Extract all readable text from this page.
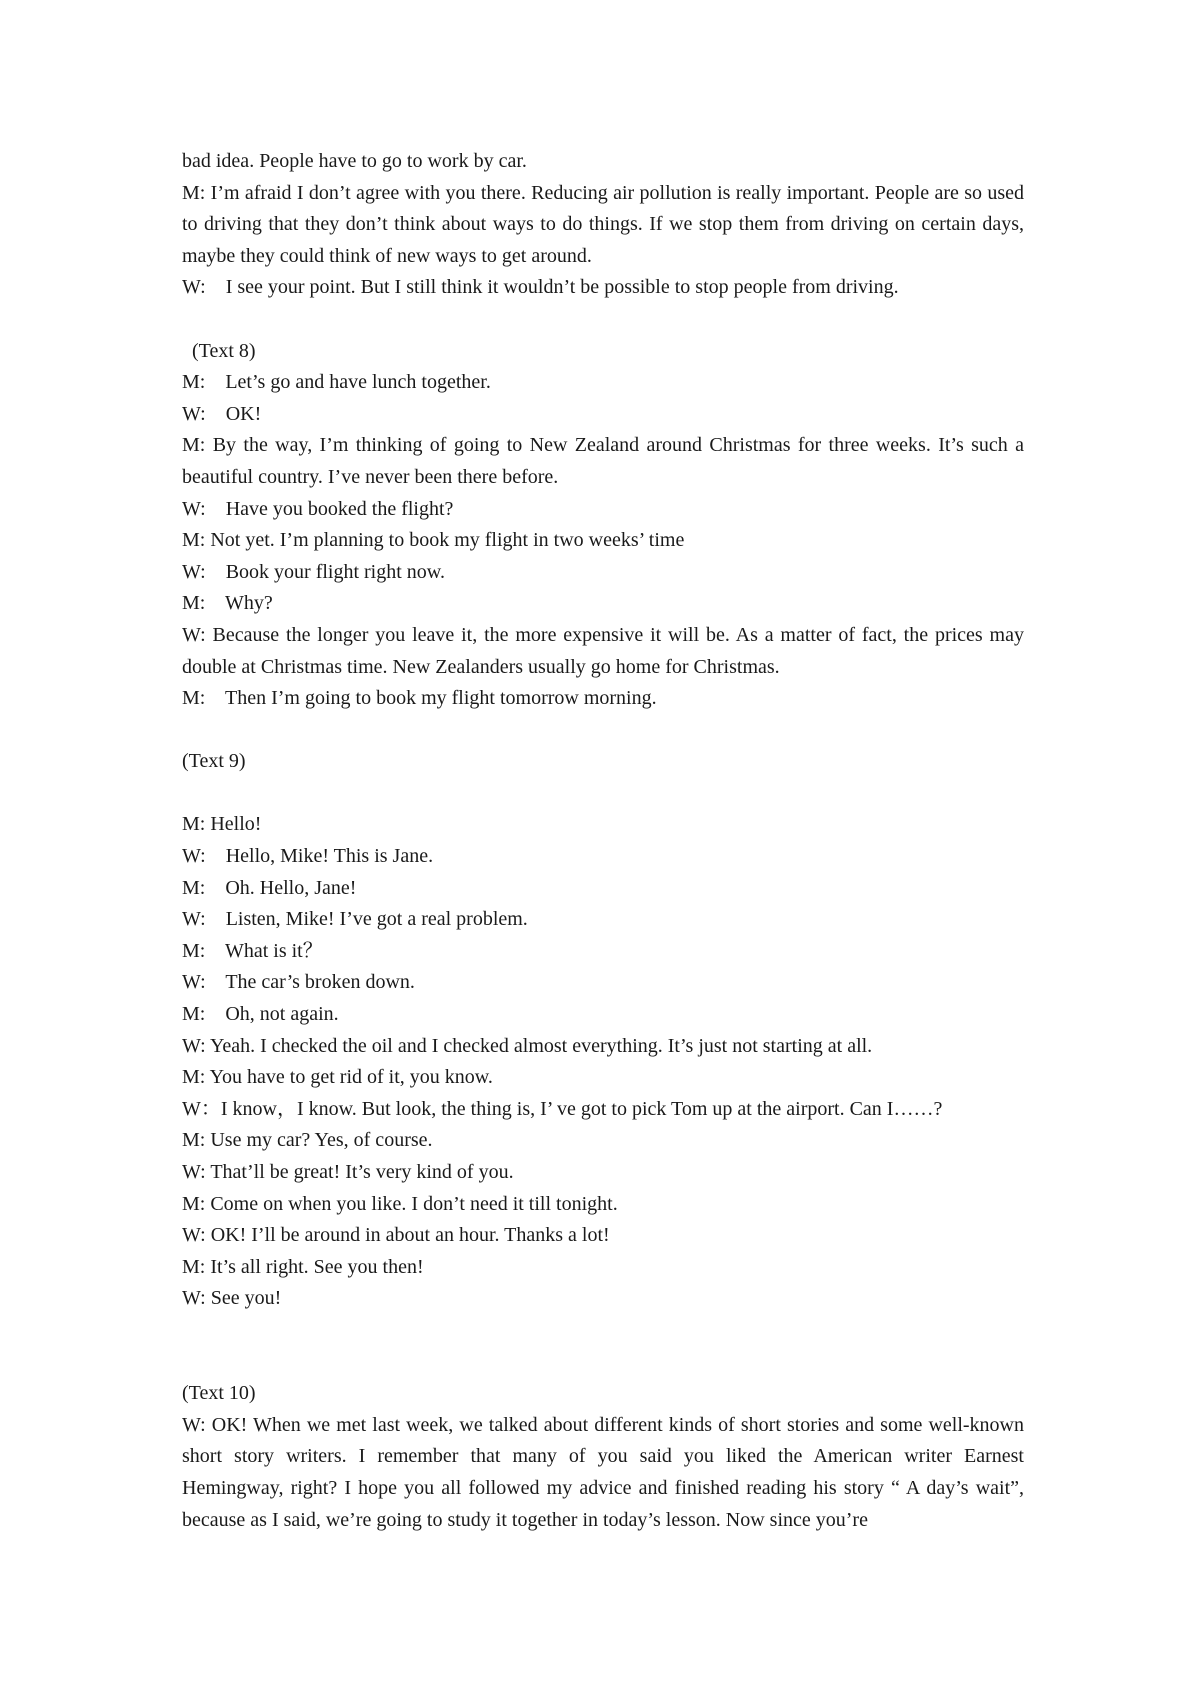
bad idea. People have to go to work by car.

M: I’m afraid I don’t agree with you there. Reducing air pollution is really important. People are so used to driving that they don’t think about ways to do things. If we stop them from driving on certain days, maybe they could think of new ways to get around.

W:    I see your point. But I still think it wouldn’t be possible to stop people from driving.

(Text 8)

M:    Let’s go and have lunch together.

W:    OK!

M: By the way, I’m thinking of going to New Zealand around Christmas for three weeks. It’s such a beautiful country. I’ve never been there before.

W:    Have you booked the flight?

M: Not yet. I’m planning to book my flight in two weeks’ time

W:    Book your flight right now.

M:    Why?

W: Because the longer you leave it, the more expensive it will be. As a matter of fact, the prices may double at Christmas time. New Zealanders usually go home for Christmas.

M:    Then I’m going to book my flight tomorrow morning.

(Text 9)

M: Hello!

W:    Hello, Mike! This is Jane.

M:    Oh. Hello, Jane!

W:    Listen, Mike! I’ve got a real problem.

M:    What is it？

W:    The car’s broken down.

M:    Oh, not again.

W: Yeah. I checked the oil and I checked almost everything. It’s just not starting at all.

M: You have to get rid of it, you know.

W：I know，I know. But look, the thing is, I’ ve got to pick Tom up at the airport. Can I……?

M: Use my car? Yes, of course.

W: That’ll be great! It’s very kind of you.

M: Come on when you like. I don’t need it till tonight.

W: OK! I’ll be around in about an hour. Thanks a lot!

M: It’s all right. See you then!

W: See you!

(Text 10)

W: OK! When we met last week, we talked about different kinds of short stories and some well-known short story writers. I remember that many of you said you liked the American writer Earnest Hemingway, right? I hope you all followed my advice and finished reading his story “ A day’s wait”, because as I said, we’re going to study it together in today’s lesson. Now since you’re
